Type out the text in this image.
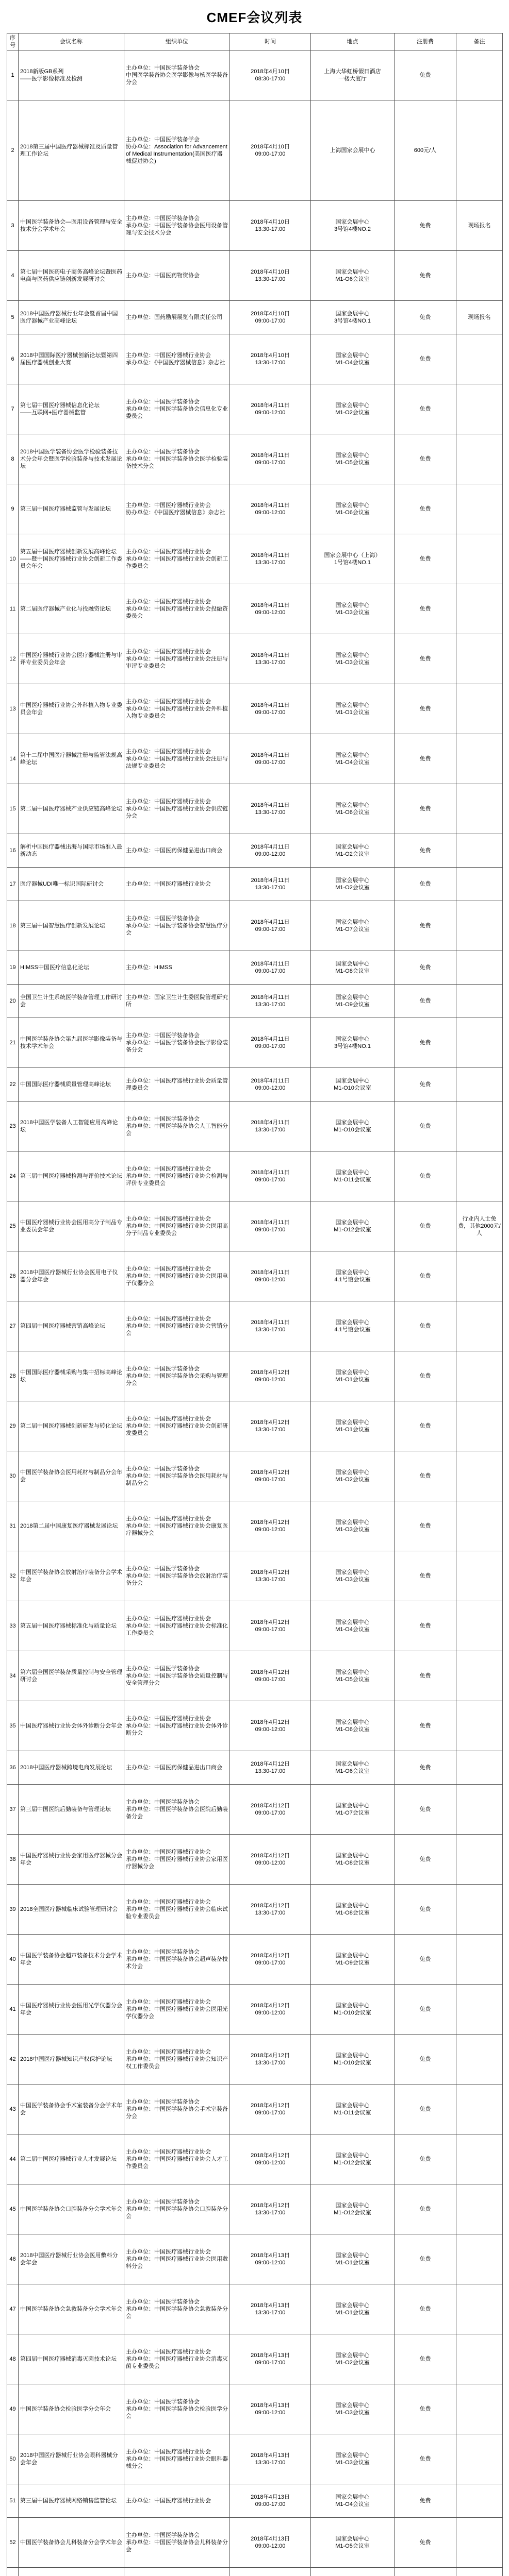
CMEF会议列表
序号	会议名称	组织单位	时间	地点	注册费	备注
1	2018新版GB系列
——医学影像标准及检测	主办单位：中国医学装备协会
中国医学装备协会医学影像与核医学装备分会	2018年4月10日
08:30-17:00	上海大华虹桥假日酒店
一楼大宴厅	免费	
2	2018第三届中国医疗器械标准及质量管理工作论坛	主办单位：中国医学装备学会
协办单位：Association for Advancement of Medical Instrumentation(美国医疗器械促进协会)	2018年4月10日
09:00-17:00	上海国家会展中心	600元/人	
3	中国医学装备协会—医用设备管理与安全技术分会学术年会	主办单位：中国医学装备协会
承办单位：中国医学装备协会医用设备管理与安全技术分会	2018年4月10日
13:30-17:00	国家会展中心
3号馆4楼NO.2	免费	现场报名
4	第七届中国医药电子商务高峰论坛暨医药电商与医药供应链创新发展研讨会	主办单位：中国医药物资协会	2018年4月10日
13:30-17:00	国家会展中心
M1-O6会议室	免费	
5	2018中国医疗器械行业年会暨首届中国医疗器械产业高峰论坛	主办单位：国药励展展览有限责任公司	2018年4月10日
09:00-17:00	国家会展中心
3号馆4楼NO.1	免费	现场报名
6	2018中国国际医疗器械创新论坛暨第四届医疗器械创业大赛	主办单位：中国医疗器械行业协会
承办单位：《中国医疗器械信息》杂志社	2018年4月10日
13:30-17:00	国家会展中心
M1-O4会议室	免费	
7	第七届中国医疗器械信息化论坛
——互联网+医疗器械监管	主办单位：中国医学装备协会
承办单位：中国医学装备协会信息化专业委员会	2018年4月11日
09:00-12:00	国家会展中心
M1-O2会议室	免费	
8	2018中国医学装备协会医学检验装备技术分会年会暨医学检验装备与技术发展论坛	主办单位：中国医学装备协会
承办单位：中国医学装备协会医学检验装备技术分会	2018年4月11日
09:00-17:00	国家会展中心
M1-O5会议室	免费	
9	第三届中国医疗器械监管与发展论坛	主办单位：中国医疗器械行业协会
协办单位：《中国医疗器械信息》杂志社	2018年4月11日
09:00-12:00	国家会展中心
M1-O6会议室	免费	
10	第五届中国医疗器械创新发展高峰论坛——暨中国医疗器械行业协会创新工作委员会年会	主办单位：中国医疗器械行业协会
承办单位：中国医疗器械行业协会创新工作委员会	2018年4月11日
13:30-17:00	国家会展中心（上海）
1号馆4楼NO.1	免费	
11	第二届医疗器械产业化与投融资论坛	主办单位：中国医疗器械行业协会
承办单位：中国医疗器械行业协会投融资委员会	2018年4月11日
09:00-12:00	国家会展中心
M1-O3会议室	免费	
12	中国医疗器械行业协会医疗器械注册与审评专业委员会年会	主办单位：中国医疗器械行业协会
承办单位：中国医疗器械行业协会注册与审评专业委员会	2018年4月11日
13:30-17:00	国家会展中心
M1-O3会议室	免费	
13	中国医疗器械行业协会外科植入物专业委员会年会	主办单位：中国医疗器械行业协会
承办单位：中国医疗器械行业协会外科植入物专业委员会	2018年4月11日
09:00-17:00	国家会展中心
M1-O1会议室	免费	
14	第十二届中国医疗器械注册与监管法规高峰论坛	主办单位：中国医疗器械行业协会
承办单位：中国医疗器械行业协会注册与法规专业委员会	2018年4月11日
09:00-17:00	国家会展中心
M1-O4会议室	免费	
15	第二届中国医疗器械产业供应链高峰论坛	主办单位：中国医疗器械行业协会
承办单位：中国医疗器械行业协会供应链分会	2018年4月11日
13:30-17:00	国家会展中心
M1-O6会议室	免费	
16	解析中国医疗器械出海与国际市场准入最新动态	主办单位：中国医药保健品进出口商会	2018年4月11日
09:00-12:00	国家会展中心
M1-O2会议室	免费	
17	医疗器械UDI唯一标识国际研讨会	主办单位：中国医疗器械行业协会	2018年4月11日
13:30-17:00	国家会展中心
M1-O2会议室	免费	
18	第三届中国智慧医疗创新发展论坛	主办单位：中国医学装备协会
承办单位：中国医学装备协会智慧医疗分会	2018年4月11日
09:00-17:00	国家会展中心
M1-O7会议室	免费	
19	HIMSS中国医疗信息化论坛	主办单位：HIMSS	2018年4月11日
09:00-17:00	国家会展中心
M1-O8会议室	免费	
20	全国卫生计生系统医学装备管理工作研讨会	主办单位：国家卫生计生委医院管理研究所	2018年4月11日
13:30-17:00	国家会展中心
M1-O9会议室	免费	
21	中国医学装备协会第九届医学影像装备与技术学术年会	主办单位：中国医学装备协会
承办单位：中国医学装备协会医学影像装备分会	2018年4月11日
09:00-17:00	国家会展中心
3号馆4楼NO.1	免费	
22	中国国际医疗器械质量管理高峰论坛	主办单位：中国医疗器械行业协会质量管理委员会	2018年4月11日
09:00-12:00	国家会展中心
M1-O10会议室	免费	
23	2018中国医学装备人工智能应用高峰论坛	主办单位：中国医学装备协会
承办单位：中国医学装备协会人工智能分会	2018年4月11日
13:30-17:00	国家会展中心
M1-O10会议室	免费	
24	第三届中国医疗器械检测与评价技术论坛	主办单位：中国医疗器械行业协会
承办单位：中国医疗器械行业协会检测与评价专业委员会	2018年4月11日
09:00-17:00	国家会展中心
M1-O11会议室	免费	
25	中国医疗器械行业协会医用高分子制品专业委员会年会	主办单位：中国医疗器械行业协会
承办单位：中国医疗器械行业协会医用高分子制品专业委员会	2018年4月11日
09:00-17:00	国家会展中心
M1-O12会议室	免费	行业内人士免费，其他2000元/人
26	2018中国医疗器械行业协会医用电子仪器分会年会	主办单位：中国医疗器械行业协会
承办单位：中国医疗器械行业协会医用电子仪器分会	2018年4月11日
09:00-12:00	国家会展中心
4.1号馆会议室	免费	
27	第四届中国医疗器械营销高峰论坛	主办单位：中国医疗器械行业协会
承办单位：中国医疗器械行业协会营销分会	2018年4月11日
13:30-17:00	国家会展中心
4.1号馆会议室	免费	
28	中国国际医疗器械采购与集中招标高峰论坛	主办单位：中国医学装备协会
承办单位：中国医学装备协会采购与管理分会	2018年4月12日
09:00-12:00	国家会展中心
M1-O1会议室	免费	
29	第二届中国医疗器械创新研发与转化论坛	主办单位：中国医疗器械行业协会
承办单位：中国医疗器械行业协会创新研发委员会	2018年4月12日
13:30-17:00	国家会展中心
M1-O1会议室	免费	
30	中国医学装备协会医用耗材与制品分会年会	主办单位：中国医学装备协会
承办单位：中国医学装备协会医用耗材与制品分会	2018年4月12日
09:00-17:00	国家会展中心
M1-O2会议室	免费	
31	2018第二届中国康复医疗器械发展论坛	主办单位：中国医疗器械行业协会
承办单位：中国医疗器械行业协会康复医疗器械分会	2018年4月12日
09:00-12:00	国家会展中心
M1-O3会议室	免费	
32	中国医学装备协会放射治疗装备分会学术年会	主办单位：中国医学装备协会
承办单位：中国医学装备协会放射治疗装备分会	2018年4月12日
13:30-17:00	国家会展中心
M1-O3会议室	免费	
33	第五届中国医疗器械标准化与质量论坛	主办单位：中国医疗器械行业协会
承办单位：中国医疗器械行业协会标准化工作委员会	2018年4月12日
09:00-17:00	国家会展中心
M1-O4会议室	免费	
34	第六届全国医学装备质量控制与安全管理研讨会	主办单位：中国医学装备协会
承办单位：中国医学装备协会质量控制与安全管理分会	2018年4月12日
09:00-17:00	国家会展中心
M1-O5会议室	免费	
35	中国医疗器械行业协会体外诊断分会年会	主办单位：中国医疗器械行业协会
承办单位：中国医疗器械行业协会体外诊断分会	2018年4月12日
09:00-12:00	国家会展中心
M1-O6会议室	免费	
36	2018中国医疗器械跨境电商发展论坛	主办单位：中国医药保健品进出口商会	2018年4月12日
13:30-17:00	国家会展中心
M1-O6会议室	免费	
37	第三届中国医院后勤装备与管理论坛	主办单位：中国医学装备协会
承办单位：中国医学装备协会医院后勤装备分会	2018年4月12日
09:00-17:00	国家会展中心
M1-O7会议室	免费	
38	中国医疗器械行业协会家用医疗器械分会年会	主办单位：中国医疗器械行业协会
承办单位：中国医疗器械行业协会家用医疗器械分会	2018年4月12日
09:00-12:00	国家会展中心
M1-O8会议室	免费	
39	2018全国医疗器械临床试验管理研讨会	主办单位：中国医疗器械行业协会
承办单位：中国医疗器械行业协会临床试验专业委员会	2018年4月12日
13:30-17:00	国家会展中心
M1-O8会议室	免费	
40	中国医学装备协会超声装备技术分会学术年会	主办单位：中国医学装备协会
承办单位：中国医学装备协会超声装备技术分会	2018年4月12日
09:00-17:00	国家会展中心
M1-O9会议室	免费	
41	中国医疗器械行业协会医用光学仪器分会年会	主办单位：中国医疗器械行业协会
承办单位：中国医疗器械行业协会医用光学仪器分会	2018年4月12日
09:00-12:00	国家会展中心
M1-O10会议室	免费	
42	2018中国医疗器械知识产权保护论坛	主办单位：中国医疗器械行业协会
承办单位：中国医疗器械行业协会知识产权工作委员会	2018年4月12日
13:30-17:00	国家会展中心
M1-O10会议室	免费	
43	中国医学装备协会手术室装备分会学术年会	主办单位：中国医学装备协会
承办单位：中国医学装备协会手术室装备分会	2018年4月12日
09:00-17:00	国家会展中心
M1-O11会议室	免费	
44	第二届中国医疗器械行业人才发展论坛	主办单位：中国医疗器械行业协会
承办单位：中国医疗器械行业协会人才工作委员会	2018年4月12日
09:00-12:00	国家会展中心
M1-O12会议室	免费	
45	中国医学装备协会口腔装备分会学术年会	主办单位：中国医学装备协会
承办单位：中国医学装备协会口腔装备分会	2018年4月12日
13:30-17:00	国家会展中心
M1-O12会议室	免费	
46	2018中国医疗器械行业协会医用敷料分会年会	主办单位：中国医疗器械行业协会
承办单位：中国医疗器械行业协会医用敷料分会	2018年4月13日
09:00-12:00	国家会展中心
M1-O1会议室	免费	
47	中国医学装备协会急救装备分会学术年会	主办单位：中国医学装备协会
承办单位：中国医学装备协会急救装备分会	2018年4月13日
13:30-17:00	国家会展中心
M1-O1会议室	免费	
48	第四届中国医疗器械消毒灭菌技术论坛	主办单位：中国医疗器械行业协会
承办单位：中国医疗器械行业协会消毒灭菌专业委员会	2018年4月13日
09:00-17:00	国家会展中心
M1-O2会议室	免费	
49	中国医学装备协会检验医学分会年会	主办单位：中国医学装备协会
承办单位：中国医学装备协会检验医学分会	2018年4月13日
09:00-12:00	国家会展中心
M1-O3会议室	免费	
50	2018中国医疗器械行业协会眼科器械分会年会	主办单位：中国医疗器械行业协会
承办单位：中国医疗器械行业协会眼科器械分会	2018年4月13日
13:30-17:00	国家会展中心
M1-O3会议室	免费	
51	第三届中国医疗器械网络销售监管论坛	主办单位：中国医疗器械行业协会	2018年4月13日
09:00-17:00	国家会展中心
M1-O4会议室	免费	
52	中国医学装备协会儿科装备分会学术年会	主办单位：中国医学装备协会
承办单位：中国医学装备协会儿科装备分会	2018年4月13日
09:00-12:00	国家会展中心
M1-O5会议室	免费	
